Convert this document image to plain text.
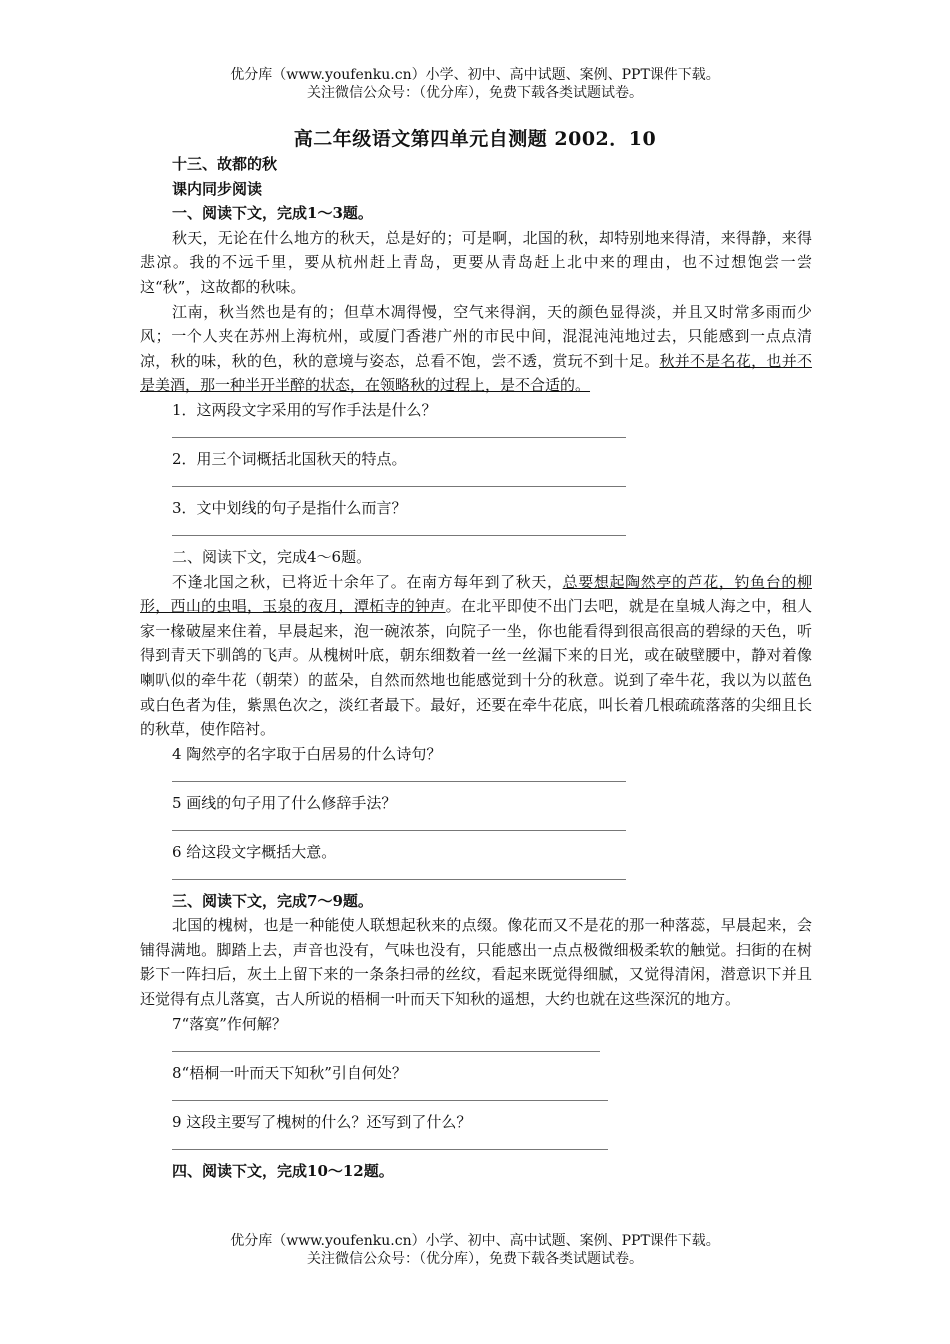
优分库（www.youfenku.cn）小学、初中、高中试题、案例、PPT课件下载。
关注微信公众号：（优分库），免费下载各类试题试卷。
高二年级语文第四单元自测题 2002．10
十三、故都的秋
课内同步阅读
一、阅读下文，完成1～3题。
秋天，无论在什么地方的秋天，总是好的；可是啊，北国的秋，却特别地来得清，来得静，来得悲凉。我的不远千里，要从杭州赶上青岛，更要从青岛赶上北中来的理由，也不过想饱尝一尝这“秋”，这故都的秋味。
江南，秋当然也是有的；但草木凋得慢，空气来得润，天的颜色显得淡，并且又时常多雨而少风；一个人夹在苏州上海杭州，或厦门香港广州的市民中间，混混沌沌地过去，只能感到一点点清凉，秋的味，秋的色，秋的意境与姿态，总看不饱，尝不透，赏玩不到十足。秋并不是名花，也并不是美酒，那一种半开半醉的状态，在领略秋的过程上，是不合适的。
1．这两段文字采用的写作手法是什么？
2．用三个词概括北国秋天的特点。
3．文中划线的句子是指什么而言？
二、阅读下文，完成4～6题。
不逢北国之秋，已将近十余年了。在南方每年到了秋天，总要想起陶然亭的芦花，钓鱼台的柳形，西山的虫唱，玉泉的夜月，潭柘寺的钟声。在北平即使不出门去吧，就是在皇城人海之中，租人家一椽破屋来住着，早晨起来，泡一碗浓茶，向院子一坐，你也能看得到很高很高的碧绿的天色，听得到青天下驯鸽的飞声。从槐树叶底，朝东细数着一丝一丝漏下来的日光，或在破壁腰中，静对着像喇叭似的牵牛花（朝荣）的蓝朵，自然而然地也能感觉到十分的秋意。说到了牵牛花，我以为以蓝色或白色者为佳，紫黑色次之，淡红者最下。最好，还要在牵牛花底，叫长着几根疏疏落落的尖细且长的秋草，使作陪衬。
4 陶然亭的名字取于白居易的什么诗句？
5 画线的句子用了什么修辞手法？
6 给这段文字概括大意。
三、阅读下文，完成7～9题。
北国的槐树，也是一种能使人联想起秋来的点缀。像花而又不是花的那一种落蕊，早晨起来，会铺得满地。脚踏上去，声音也没有，气味也没有，只能感出一点点极微细极柔软的触觉。扫街的在树影下一阵扫后，灰土上留下来的一条条扫帚的丝纹，看起来既觉得细腻，又觉得清闲，潜意识下并且还觉得有点儿落寞，古人所说的梧桐一叶而天下知秋的遥想，大约也就在这些深沉的地方。
7“落寞”作何解？
8“梧桐一叶而天下知秋”引自何处？
9 这段主要写了槐树的什么？还写到了什么？
四、阅读下文，完成10～12题。
优分库（www.youfenku.cn）小学、初中、高中试题、案例、PPT课件下载。
关注微信公众号：（优分库），免费下载各类试题试卷。
